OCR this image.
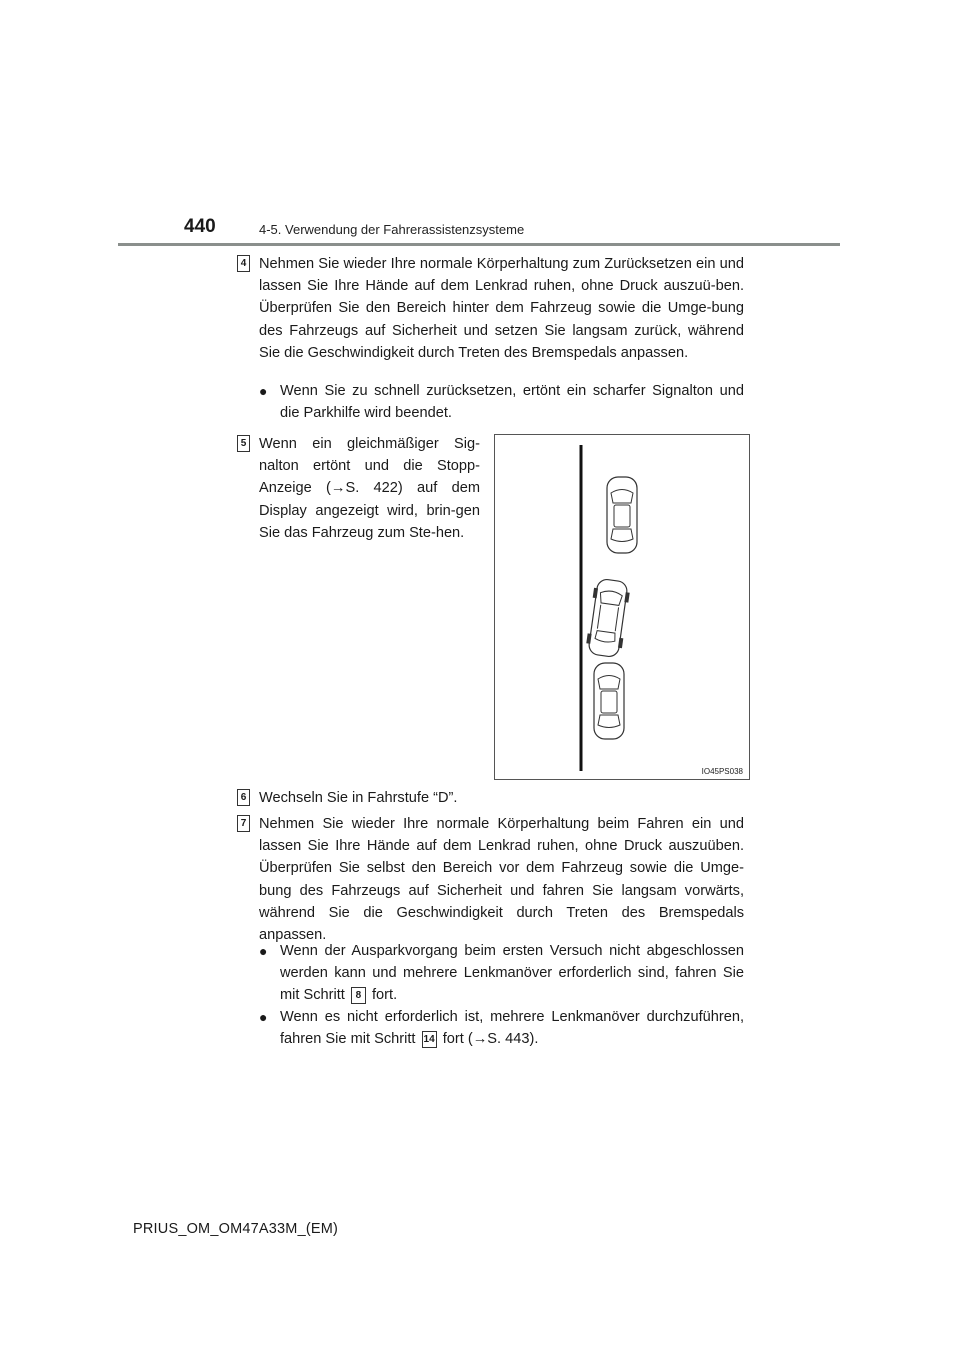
440	4-5. Verwendung der Fahrerassistenzsysteme
4 Nehmen Sie wieder Ihre normale Körperhaltung zum Zurücksetzen ein und lassen Sie Ihre Hände auf dem Lenkrad ruhen, ohne Druck auszuü-ben. Überprüfen Sie den Bereich hinter dem Fahrzeug sowie die Umge-bung des Fahrzeugs auf Sicherheit und setzen Sie langsam zurück, während Sie die Geschwindigkeit durch Treten des Bremspedals anpassen.
● Wenn Sie zu schnell zurücksetzen, ertönt ein scharfer Signalton und die Parkhilfe wird beendet.
5 Wenn ein gleichmäßiger Sig-nalton ertönt und die Stopp-Anzeige (→S. 422) auf dem Display angezeigt wird, brin-gen Sie das Fahrzeug zum Ste-hen.
IO45PS038
6 Wechseln Sie in Fahrstufe “D”.
7 Nehmen Sie wieder Ihre normale Körperhaltung beim Fahren ein und lassen Sie Ihre Hände auf dem Lenkrad ruhen, ohne Druck auszuüben. Überprüfen Sie selbst den Bereich vor dem Fahrzeug sowie die Umge-bung des Fahrzeugs auf Sicherheit und fahren Sie langsam vorwärts, während Sie die Geschwindigkeit durch Treten des Bremspedals anpassen.
● Wenn der Ausparkvorgang beim ersten Versuch nicht abgeschlossen werden kann und mehrere Lenkmanöver erforderlich sind, fahren Sie mit Schritt 8 fort.
● Wenn es nicht erforderlich ist, mehrere Lenkmanöver durchzuführen, fahren Sie mit Schritt 14 fort (→S. 443).
PRIUS_OM_OM47A33M_(EM)
